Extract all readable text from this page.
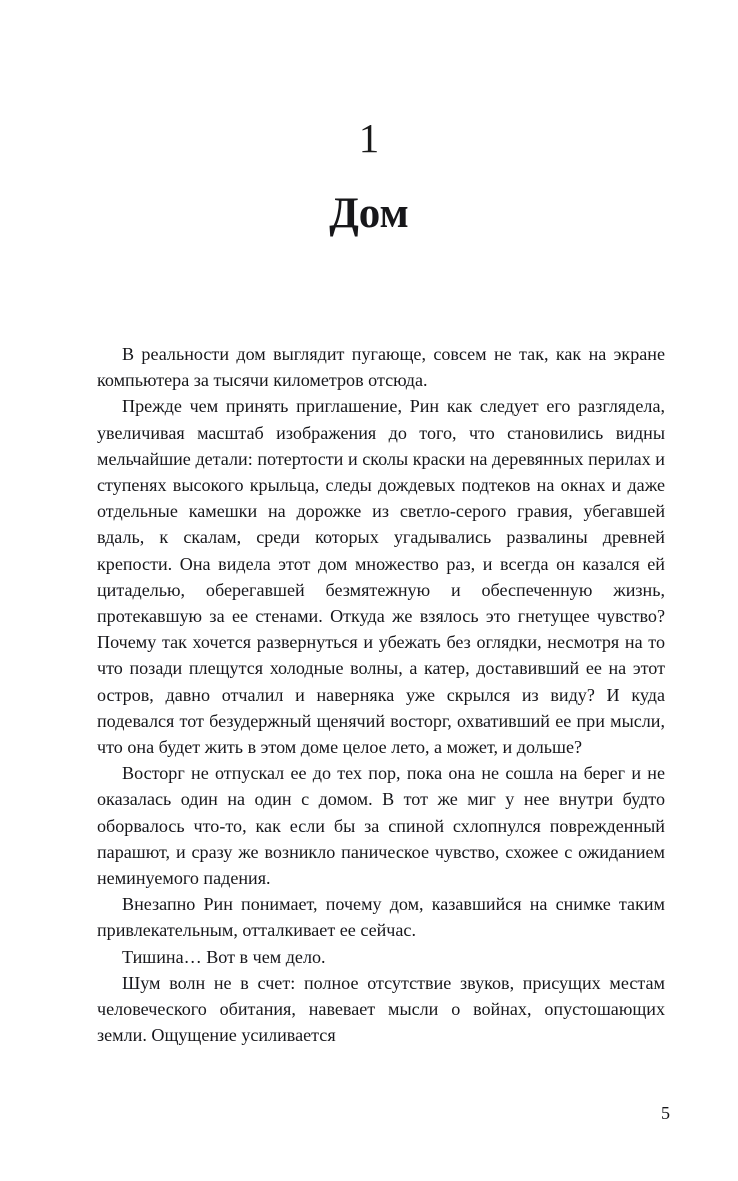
1
Дом

В реальности дом выглядит пугающе, совсем не так, как на экране компьютера за тысячи километров отсюда.

Прежде чем принять приглашение, Рин как следует его разглядела, увеличивая масштаб изображения до того, что становились видны мельчайшие детали: потертости и сколы краски на деревянных перилах и ступенях высокого крыльца, следы дождевых подтеков на окнах и даже отдельные камешки на дорожке из светло-серого гравия, убегавшей вдаль, к скалам, среди которых угадывались развалины древней крепости. Она видела этот дом множество раз, и всегда он казался ей цитаделью, оберегавшей безмятежную и обеспеченную жизнь, протекавшую за ее стенами. Откуда же взялось это гнетущее чувство? Почему так хочется развернуться и убежать без оглядки, несмотря на то что позади плещутся холодные волны, а катер, доставивший ее на этот остров, давно отчалил и наверняка уже скрылся из виду? И куда подевался тот безудержный щенячий восторг, охвативший ее при мысли, что она будет жить в этом доме целое лето, а может, и дольше?

Восторг не отпускал ее до тех пор, пока она не сошла на берег и не оказалась один на один с домом. В тот же миг у нее внутри будто оборвалось что-то, как если бы за спиной схлопнулся поврежденный парашют, и сразу же возникло паническое чувство, схожее с ожиданием неминуемого падения.

Внезапно Рин понимает, почему дом, казавшийся на снимке таким привлекательным, отталкивает ее сейчас.

Тишина… Вот в чем дело.

Шум волн не в счет: полное отсутствие звуков, присущих местам человеческого обитания, навевает мысли о войнах, опустошающих земли. Ощущение усиливается

5
